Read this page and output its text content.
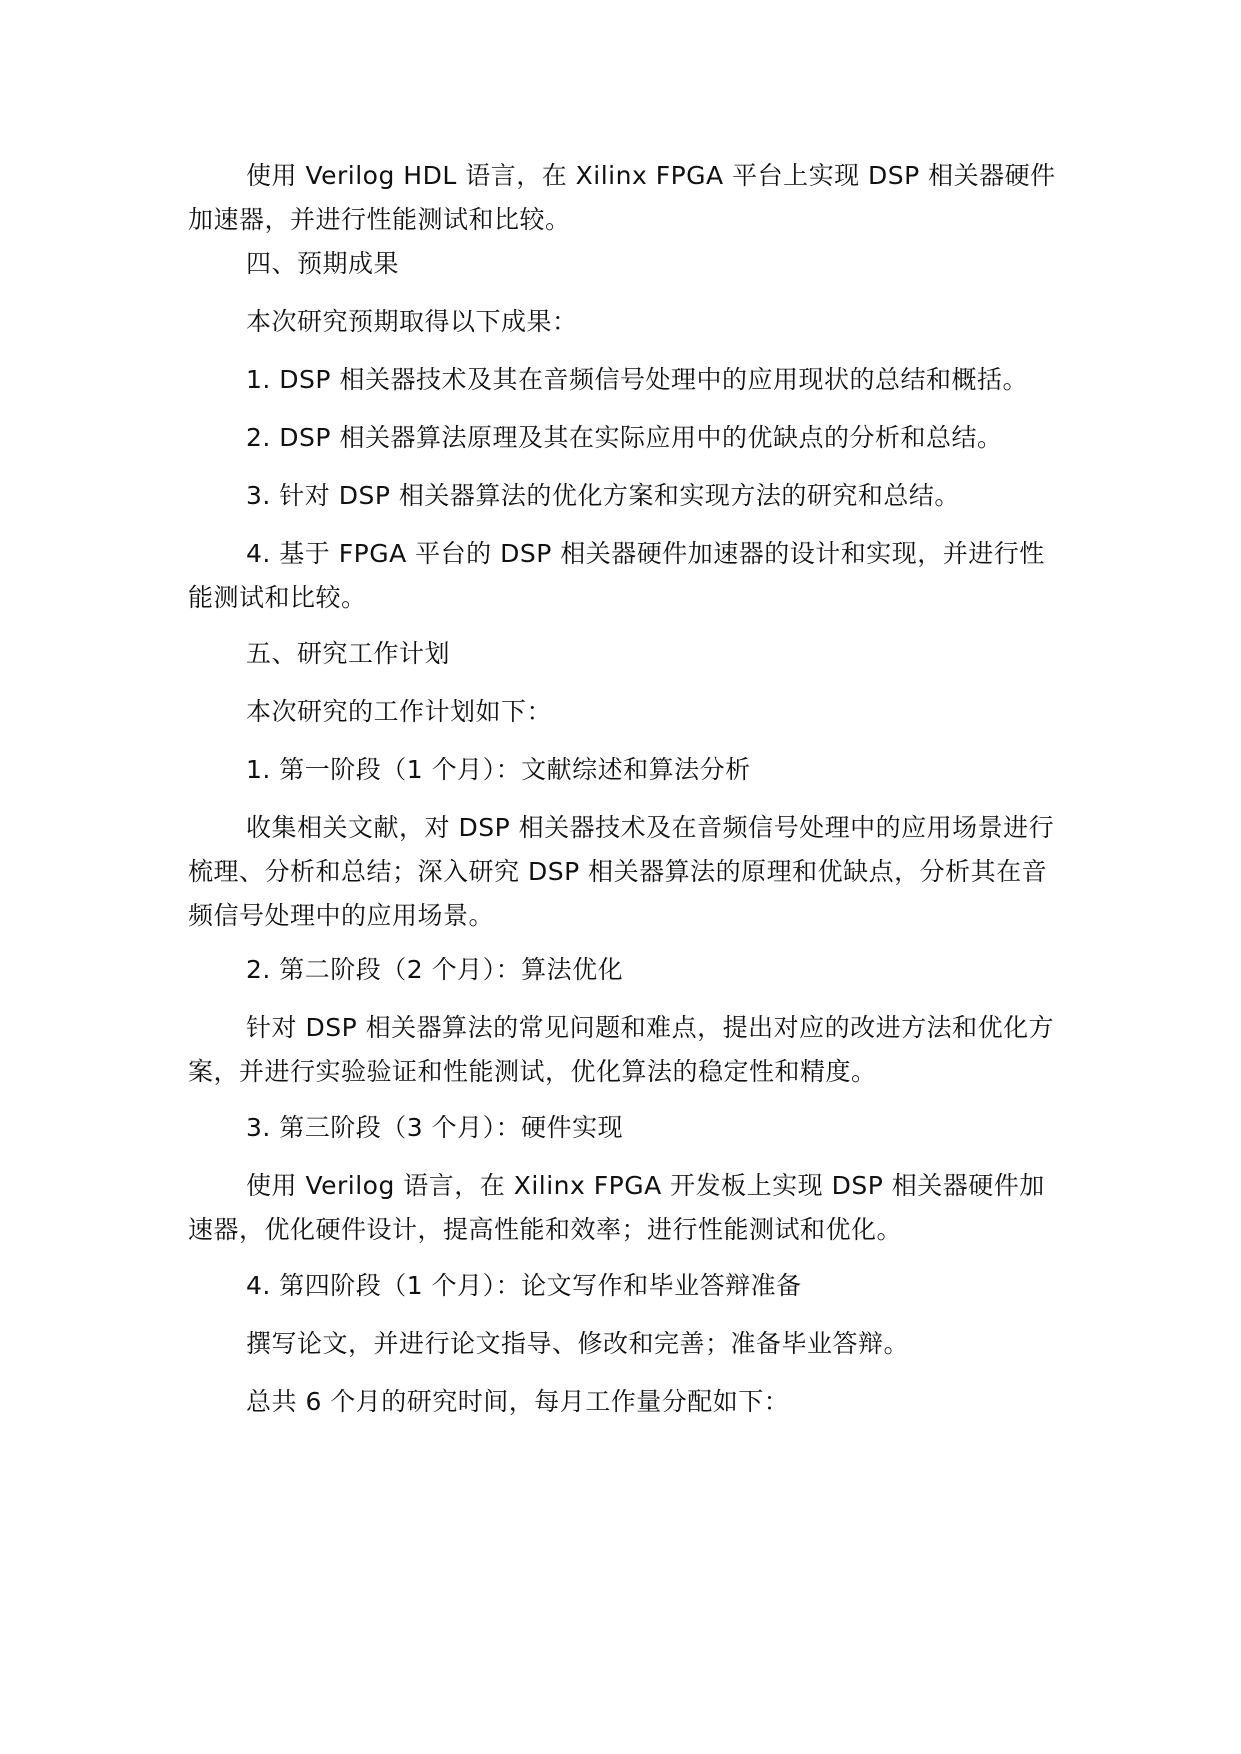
使用 Verilog HDL 语言，在 Xilinx FPGA 平台上实现 DSP 相关器硬件加速器，并进行性能测试和比较。

四、预期成果

本次研究预期取得以下成果：

1. DSP 相关器技术及其在音频信号处理中的应用现状的总结和概括。

2. DSP 相关器算法原理及其在实际应用中的优缺点的分析和总结。

3. 针对 DSP 相关器算法的优化方案和实现方法的研究和总结。

4. 基于 FPGA 平台的 DSP 相关器硬件加速器的设计和实现，并进行性能测试和比较。

五、研究工作计划

本次研究的工作计划如下：

1. 第一阶段（1 个月）：文献综述和算法分析

收集相关文献，对 DSP 相关器技术及在音频信号处理中的应用场景进行梳理、分析和总结；深入研究 DSP 相关器算法的原理和优缺点，分析其在音频信号处理中的应用场景。

2. 第二阶段（2 个月）：算法优化

针对 DSP 相关器算法的常见问题和难点，提出对应的改进方法和优化方案，并进行实验验证和性能测试，优化算法的稳定性和精度。

3. 第三阶段（3 个月）：硬件实现

使用 Verilog 语言，在 Xilinx FPGA 开发板上实现 DSP 相关器硬件加速器，优化硬件设计，提高性能和效率；进行性能测试和优化。

4. 第四阶段（1 个月）：论文写作和毕业答辩准备

撰写论文，并进行论文指导、修改和完善；准备毕业答辩。

总共 6 个月的研究时间，每月工作量分配如下：
